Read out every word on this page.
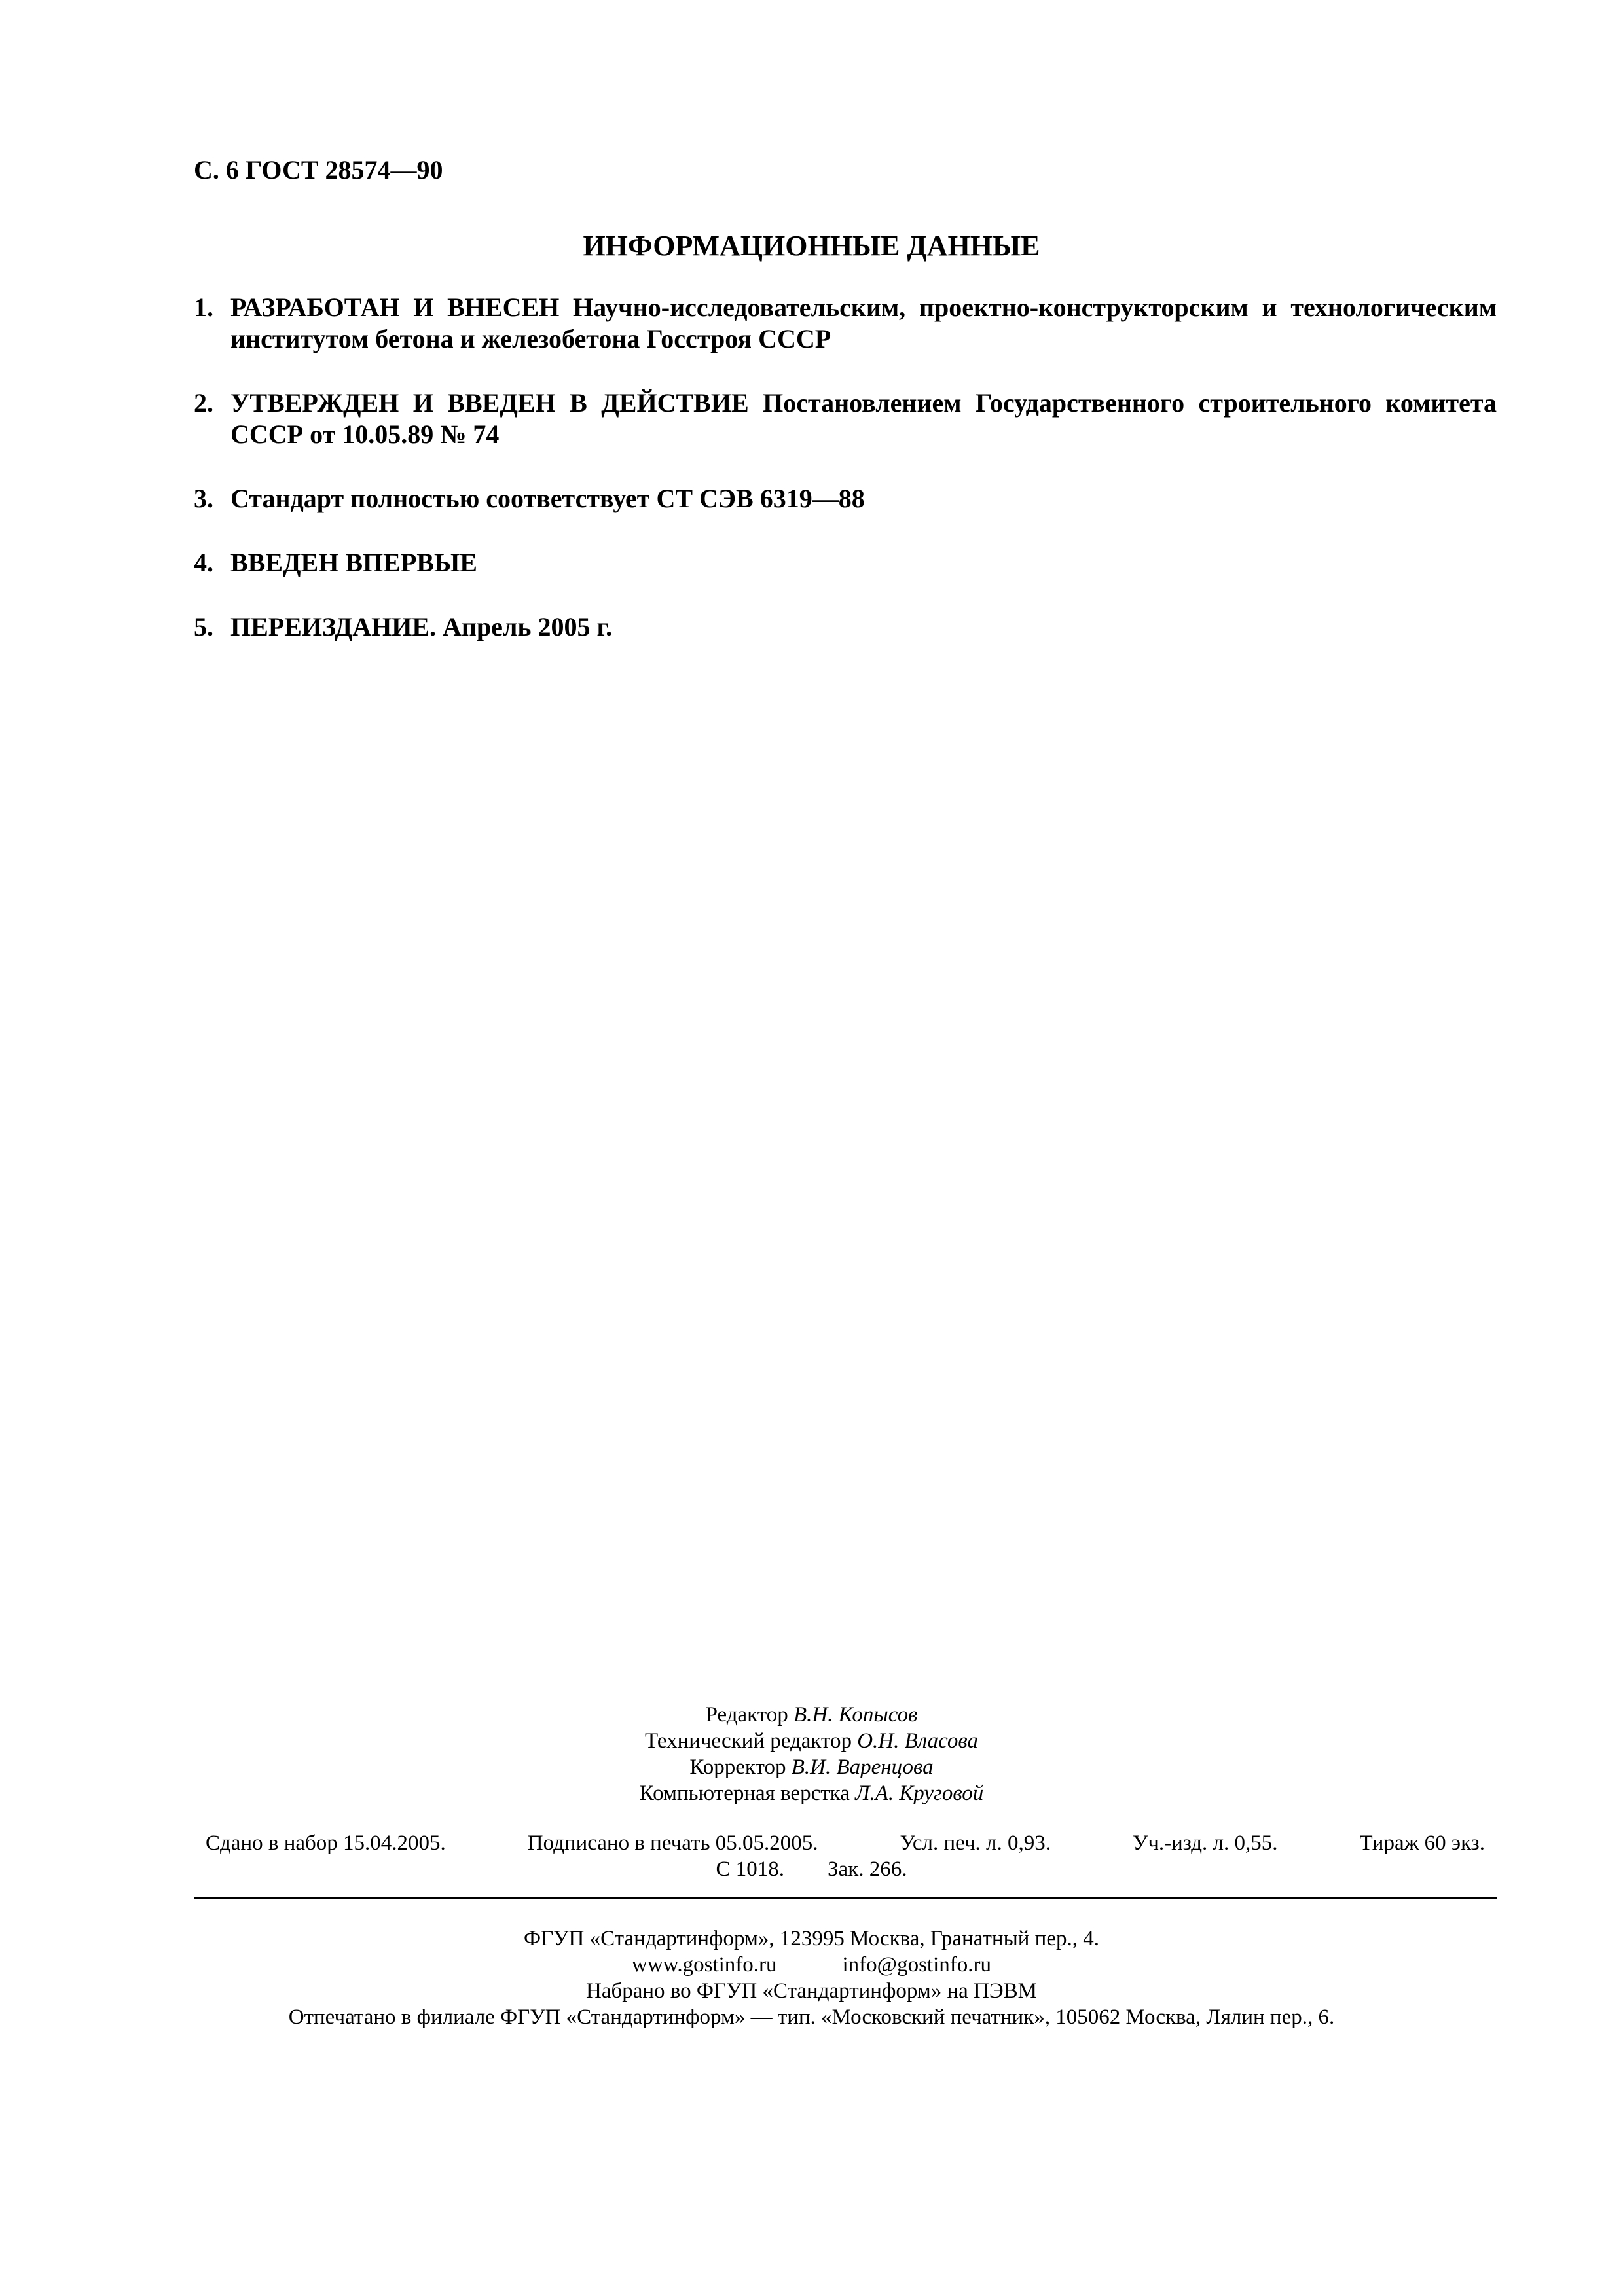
С. 6 ГОСТ 28574—90
ИНФОРМАЦИОННЫЕ ДАННЫЕ
1. РАЗРАБОТАН И ВНЕСЕН Научно-исследовательским, проектно-конструкторским и технологическим институтом бетона и железобетона Госстроя СССР
2. УТВЕРЖДЕН И ВВЕДЕН В ДЕЙСТВИЕ Постановлением Государственного строительного комитета СССР от 10.05.89 № 74
3. Стандарт полностью соответствует СТ СЭВ 6319—88
4. ВВЕДЕН ВПЕРВЫЕ
5. ПЕРЕИЗДАНИЕ. Апрель 2005 г.
Редактор В.Н. Копысов
Технический редактор О.Н. Власова
Корректор В.И. Варенцова
Компьютерная верстка Л.А. Круговой
Сдано в набор 15.04.2005.	Подписано в печать 05.05.2005.	Усл. печ. л. 0,93.	Уч.-изд. л. 0,55.	Тираж 60 экз.
С 1018. Зак. 266.
ФГУП «Стандартинформ», 123995 Москва, Гранатный пер., 4.
www.gostinfo.ru	info@gostinfo.ru
Набрано во ФГУП «Стандартинформ» на ПЭВМ
Отпечатано в филиале ФГУП «Стандартинформ» — тип. «Московский печатник», 105062 Москва, Лялин пер., 6.
